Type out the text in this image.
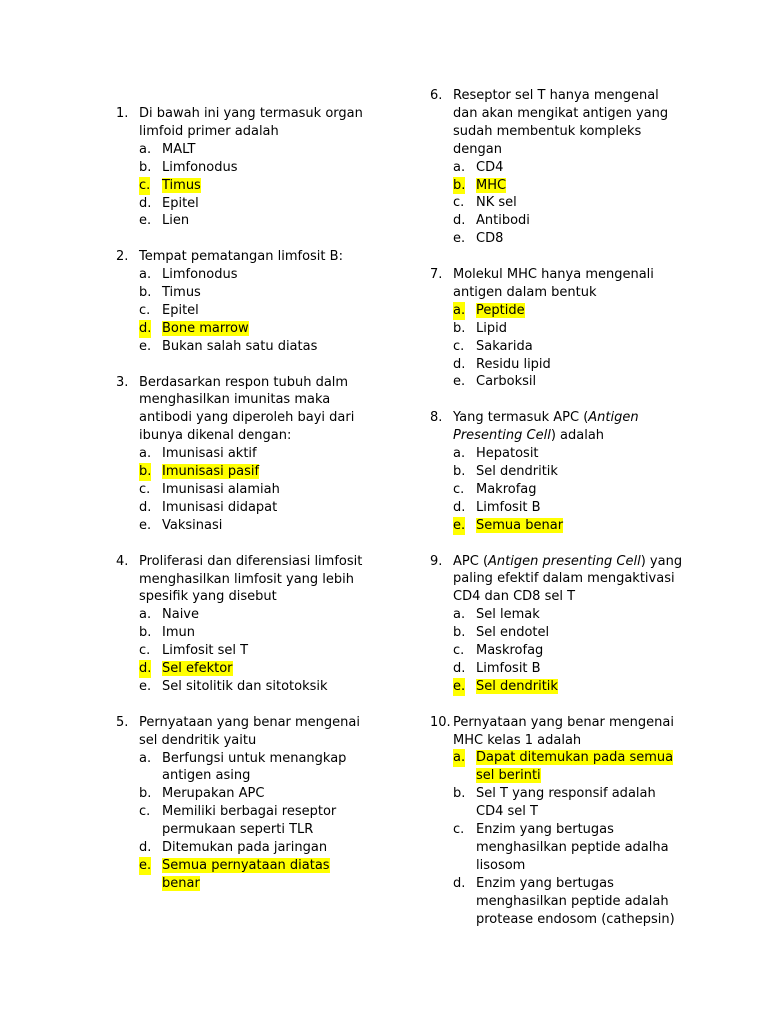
1. Di bawah ini yang termasuk organ
limfoid primer adalah
a. MALT
b. Limfonodus
c. Timus
d. Epitel
e. Lien
2. Tempat pematangan limfosit B:
a. Limfonodus
b. Timus
c. Epitel
d. Bone marrow
e. Bukan salah satu diatas
3. Berdasarkan respon tubuh dalm
menghasilkan imunitas maka
antibodi yang diperoleh bayi dari
ibunya dikenal dengan:
a. Imunisasi aktif
b. Imunisasi pasif
c. Imunisasi alamiah
d. Imunisasi didapat
e. Vaksinasi
4. Proliferasi dan diferensiasi limfosit
menghasilkan limfosit yang lebih
spesifik yang disebut
a. Naive
b. Imun
c. Limfosit sel T
d. Sel efektor
e. Sel sitolitik dan sitotoksik
5. Pernyataan yang benar mengenai
sel dendritik yaitu
a. Berfungsi untuk menangkap
antigen asing
b. Merupakan APC
c. Memiliki berbagai reseptor
permukaan seperti TLR
d. Ditemukan pada jaringan
e. Semua pernyataan diatas
benar
6. Reseptor sel T hanya mengenal
dan akan mengikat antigen yang
sudah membentuk kompleks
dengan
a. CD4
b. MHC
c. NK sel
d. Antibodi
e. CD8
7. Molekul MHC hanya mengenali
antigen dalam bentuk
a. Peptide
b. Lipid
c. Sakarida
d. Residu lipid
e. Carboksil
8. Yang termasuk APC (Antigen
Presenting Cell) adalah
a. Hepatosit
b. Sel dendritik
c. Makrofag
d. Limfosit B
e. Semua benar
9. APC (Antigen presenting Cell) yang
paling efektif dalam mengaktivasi
CD4 dan CD8 sel T
a. Sel lemak
b. Sel endotel
c. Maskrofag
d. Limfosit B
e. Sel dendritik
10. Pernyataan yang benar mengenai
MHC kelas 1 adalah
a. Dapat ditemukan pada semua
sel berinti
b. Sel T yang responsif adalah
CD4 sel T
c. Enzim yang bertugas
menghasilkan peptide adalha
lisosom
d. Enzim yang bertugas
menghasilkan peptide adalah
protease endosom (cathepsin)
